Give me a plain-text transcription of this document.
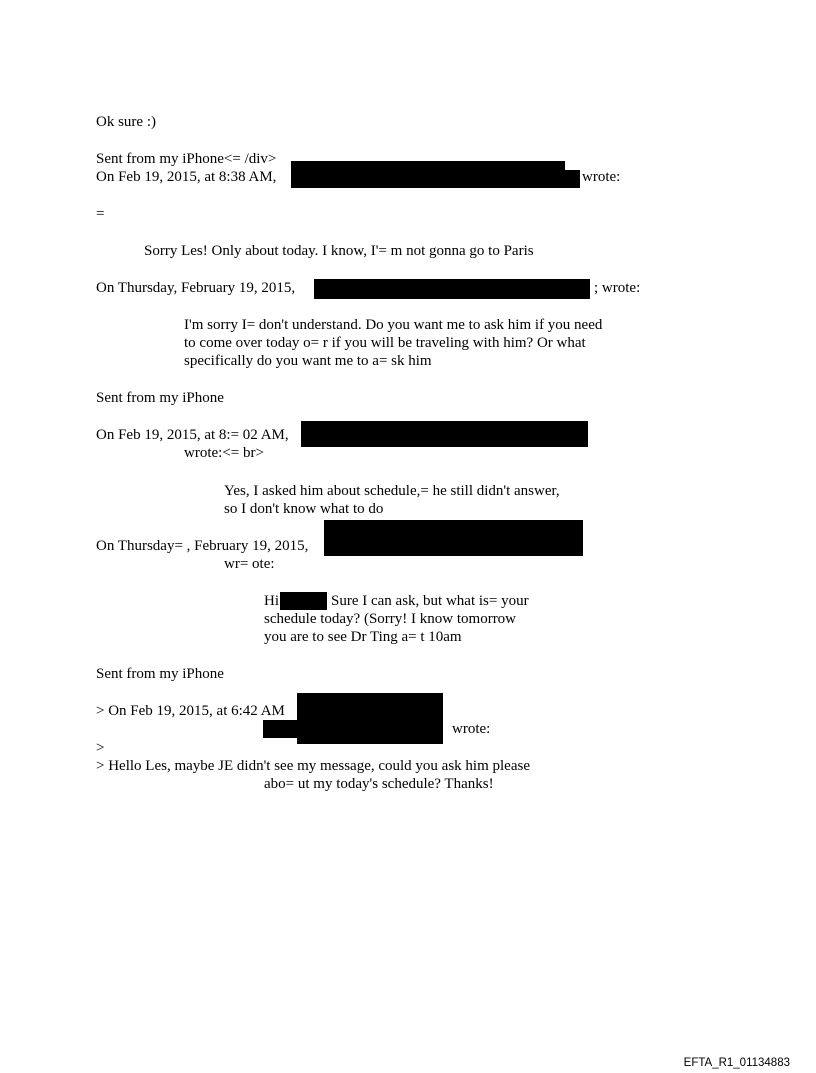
Ok sure :)
Sent from my iPhone<= /div>
On Feb 19, 2015, at 8:38 AM,	wrote:
=
Sorry Les! Only about today. I know, I'= m not gonna go to Paris
On Thursday, February 19, 2015,	; wrote:
I'm sorry I= don't understand. Do you want me to ask him if you need
to come over today o= r if you will be traveling with him? Or what
specifically do you want me to a= sk him
Sent from my iPhone
On Feb 19, 2015, at 8:= 02 AM,
wrote:<= br>
Yes, I asked him about schedule,= he still didn't answer,
so I don't know what to do
On Thursday= , February 19, 2015,
wr= ote:
Hi	Sure I can ask, but what is= your
schedule today? (Sorry! I know tomorrow
you are to see Dr Ting a= t 10am
Sent from my iPhone
> On Feb 19, 2015, at 6:42 AM
wrote:
>
> Hello Les, maybe JE didn't see my message, could you ask him please
abo= ut my today's schedule? Thanks!
EFTA_R1_01134883
